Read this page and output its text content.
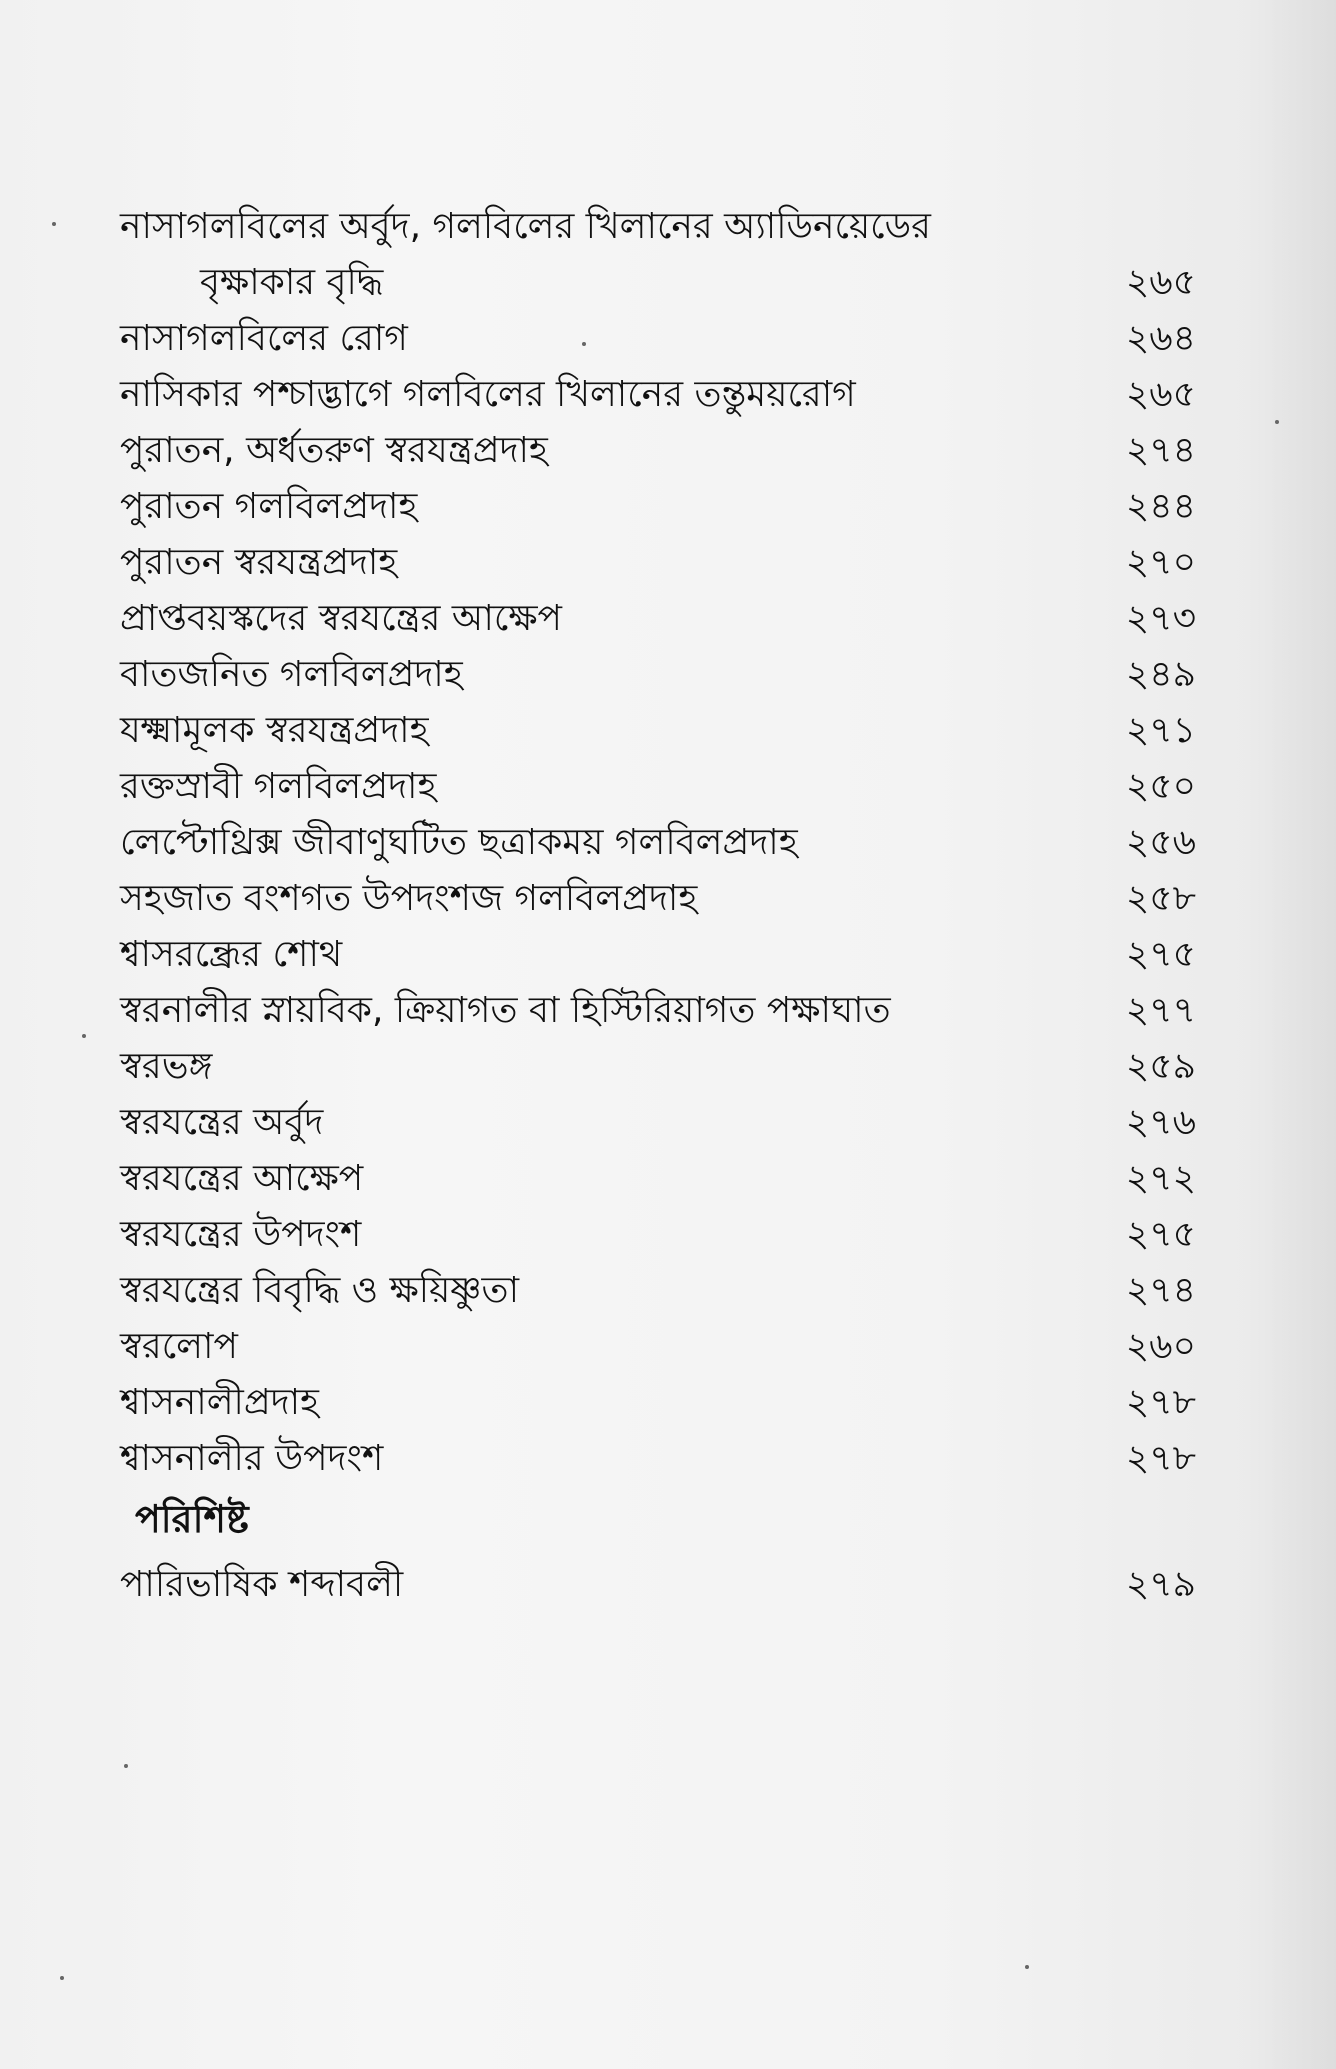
নাসাগলবিলের অর্বুদ, গলবিলের খিলানের অ্যাডিনয়েডের
বৃক্ষাকার বৃদ্ধি	২৬৫
নাসাগলবিলের রোগ	২৬৪
নাসিকার পশ্চাদ্ভাগে গলবিলের খিলানের তন্তুময়রোগ	২৬৫
পুরাতন, অর্ধতরুণ স্বরযন্ত্রপ্রদাহ	২৭৪
পুরাতন গলবিলপ্রদাহ	২৪৪
পুরাতন স্বরযন্ত্রপ্রদাহ	২৭০
প্রাপ্তবয়স্কদের স্বরযন্ত্রের আক্ষেপ	২৭৩
বাতজনিত গলবিলপ্রদাহ	২৪৯
যক্ষ্মামূলক স্বরযন্ত্রপ্রদাহ	২৭১
রক্তস্রাবী গলবিলপ্রদাহ	২৫০
লেপ্টোথ্রিক্স জীবাণুঘটিত ছত্রাকময় গলবিলপ্রদাহ	২৫৬
সহজাত বংশগত উপদংশজ গলবিলপ্রদাহ	২৫৮
শ্বাসরন্ধ্রের শোথ	২৭৫
স্বরনালীর স্নায়বিক, ক্রিয়াগত বা হিস্টিরিয়াগত পক্ষাঘাত	২৭৭
স্বরভঙ্গ	২৫৯
স্বরযন্ত্রের অর্বুদ	২৭৬
স্বরযন্ত্রের আক্ষেপ	২৭২
স্বরযন্ত্রের উপদংশ	২৭৫
স্বরযন্ত্রের বিবৃদ্ধি ও ক্ষয়িষ্ণুতা	২৭৪
স্বরলোপ	২৬০
শ্বাসনালীপ্রদাহ	২৭৮
শ্বাসনালীর উপদংশ	২৭৮
পরিশিষ্ট
পারিভাষিক শব্দাবলী	২৭৯
